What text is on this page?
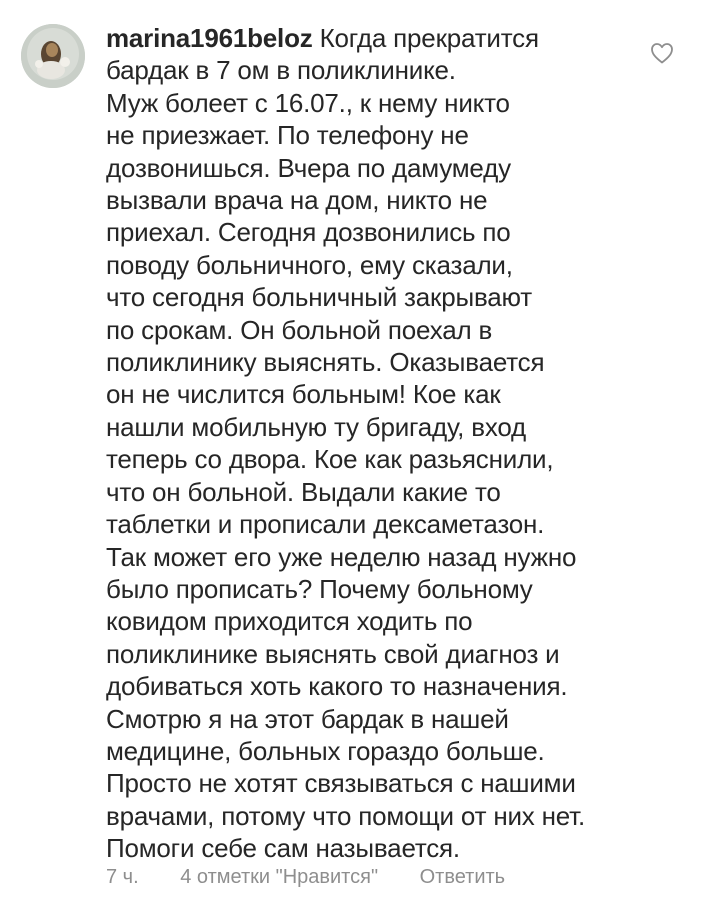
marina1961beloz Когда прекратится
бардак в 7 ом в поликлинике.
Муж болеет с 16.07., к нему никто
не приезжает. По телефону не
дозвонишься. Вчера по дамумеду
вызвали врача на дом, никто не
приехал. Сегодня дозвонились по
поводу больничного, ему сказали,
что сегодня больничный закрывают
по срокам. Он больной поехал в
поликлинику выяснять. Оказывается
он не числится больным! Кое как
нашли мобильную ту бригаду, вход
теперь со двора. Кое как разьяснили,
что он больной. Выдали какие то
таблетки и прописали дексаметазон.
Так может его уже неделю назад нужно
было прописать? Почему больному
ковидом приходится ходить по
поликлинике выяснять свой диагноз и
добиваться хоть какого то назначения.
Смотрю я на этот бардак в нашей
медицине, больных гораздо больше.
Просто не хотят связываться с нашими
врачами, потому что помощи от них нет.
Помоги себе сам называется.
7 ч. 4 отметки "Нравится" Ответить
